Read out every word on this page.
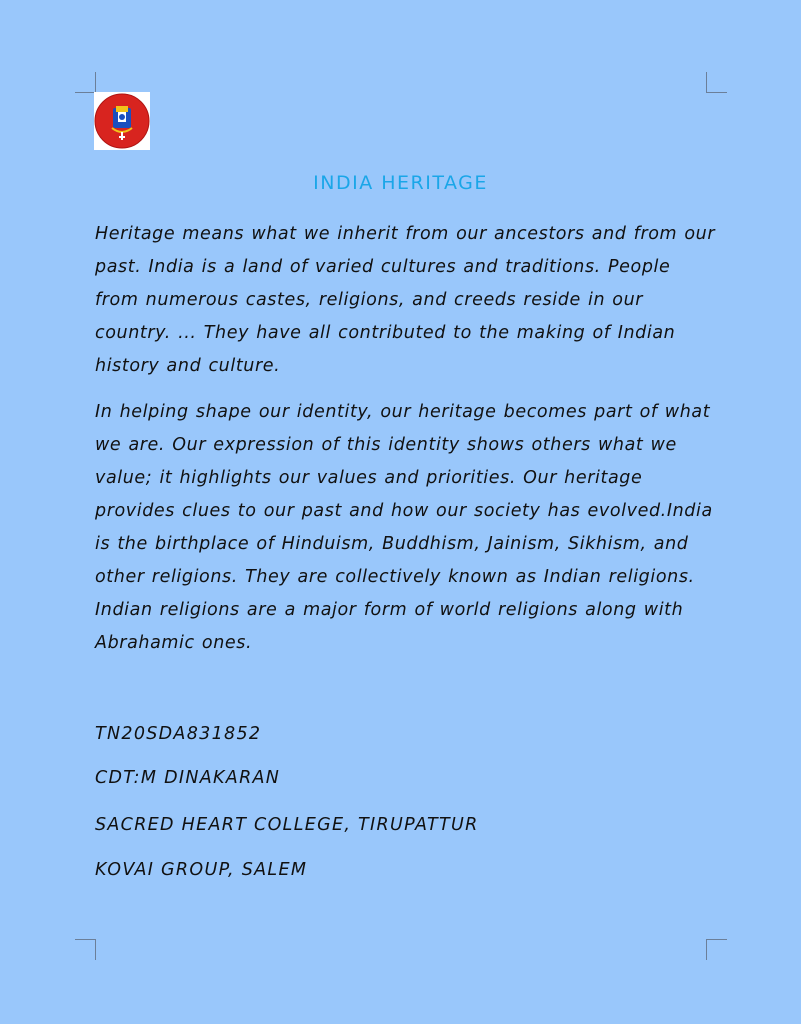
INDIA HERITAGE

Heritage means what we inherit from our ancestors and from our past. India is a land of varied cultures and traditions. People from numerous castes, religions, and creeds reside in our country. ... They have all contributed to the making of Indian history and culture.

In helping shape our identity, our heritage becomes part of what we are. Our expression of this identity shows others what we value; it highlights our values and priorities. Our heritage provides clues to our past and how our society has evolved.India is the birthplace of Hinduism, Buddhism, Jainism, Sikhism, and other religions. They are collectively known as Indian religions. Indian religions are a major form of world religions along with Abrahamic ones.

TN20SDA831852
CDT:M DINAKARAN
SACRED HEART COLLEGE, TIRUPATTUR
KOVAI GROUP, SALEM
